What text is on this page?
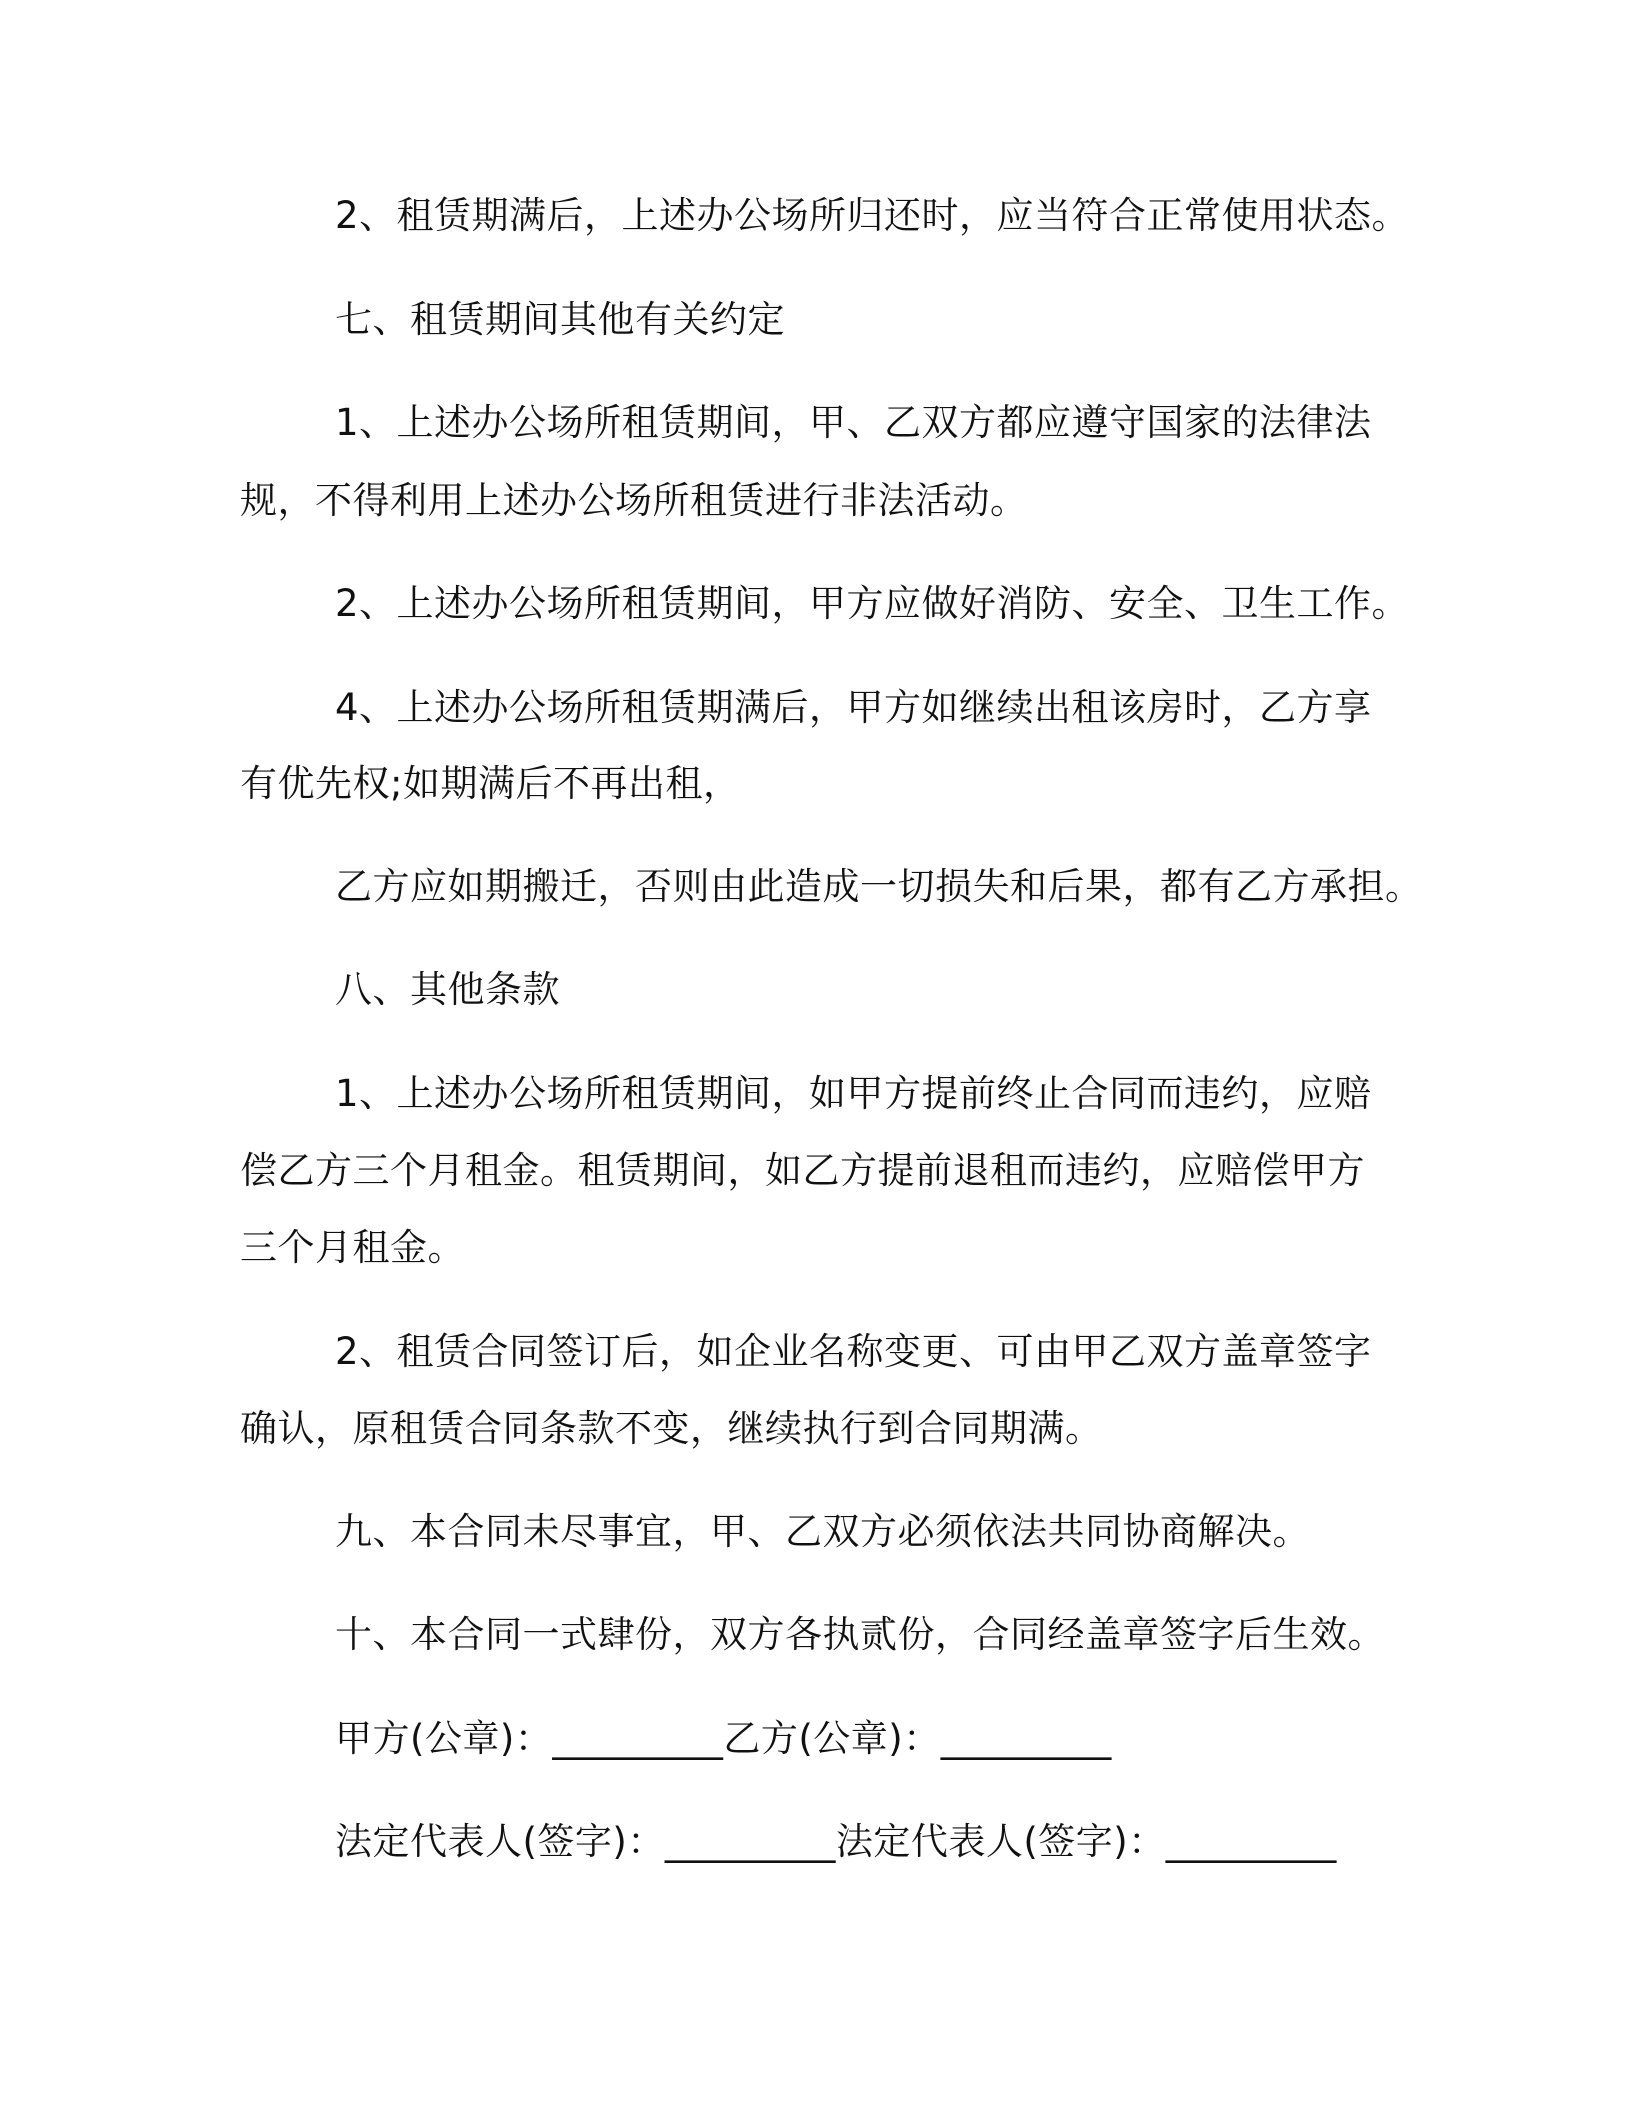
2、租赁期满后，上述办公场所归还时，应当符合正常使用状态。
七、租赁期间其他有关约定
1、上述办公场所租赁期间，甲、乙双方都应遵守国家的法律法
规，不得利用上述办公场所租赁进行非法活动。
2、上述办公场所租赁期间，甲方应做好消防、安全、卫生工作。
4、上述办公场所租赁期满后，甲方如继续出租该房时，乙方享
有优先权;如期满后不再出租，
乙方应如期搬迁，否则由此造成一切损失和后果，都有乙方承担。
八、其他条款
1、上述办公场所租赁期间，如甲方提前终止合同而违约，应赔
偿乙方三个月租金。租赁期间，如乙方提前退租而违约，应赔偿甲方
三个月租金。
2、租赁合同签订后，如企业名称变更、可由甲乙双方盖章签字
确认，原租赁合同条款不变，继续执行到合同期满。
九、本合同未尽事宜，甲、乙双方必须依法共同协商解决。
十、本合同一式肆份，双方各执贰份，合同经盖章签字后生效。
甲方(公章)：_________乙方(公章)：_________
法定代表人(签字)：_________法定代表人(签字)：_________
